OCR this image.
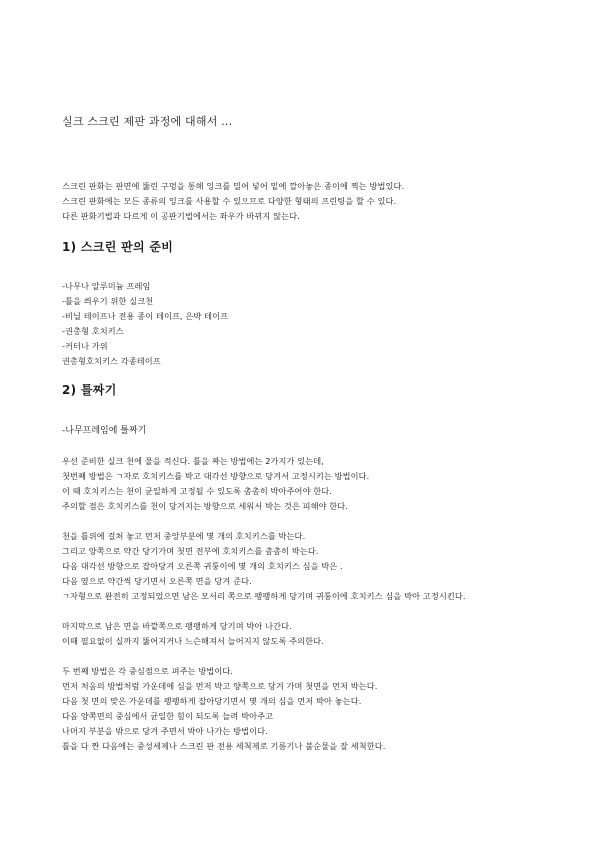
실크 스크린 제판 과정에 대해서 ...
스크린 판화는 판면에 뚫린 구멍을 통해 잉크를 밀어 넣어 밑에 깔아놓은 종이에 찍는 방법있다.
스크린 판화에는 모든 종류의 잉크를 사용할 수 있으므로 다양한 형태의 프린팅을 할 수 있다.
다른 판화기법과 다르게 이 공판기법에서는 좌우가 바뀌지 않는다.
1) 스크린 판의 준비
-나무나 알루미늄 프레임
-틀을 씌우기 위한 실크천
-비닐 테이프나 전용 종이 테이프, 은박 테이프
-권총형 호치키스
-커터나 가위
권총형호치키스 각종테이프
2) 틀짜기
-나무프레임에 틀짜기
우선 준비한 실크 천에 물을 적신다. 틀을 짜는 방법에는 2가지가 있는데,
첫번째 방법은 ㄱ자로 호치키스를 박고 대각선 방향으로 당겨서 고정시키는 방법이다.
이 때 호치키스는 천이 균일하게 고정될 수 있도록 촘촘히 박아주어야 한다.
주의할 점은 호치키스를 천이 당겨지는 방향으로 세워서 박는 것은 피해야 한다.
천을 틀위에 걸쳐 놓고 먼저 중앙부분에 몇 개의 호치키스를 박는다.
그리고 양쪽으로 약간 당기가며 첫면 전부에 호치키스를 촘촘히 박는다.
다음 대각선 방향으로 잡아당겨 오른쪽 귀퉁이에 몇 개의 호치키스 심을 박은 .
다음 옆으로 약간씩 당기면서 오른쪽 면을 당겨 준다.
ㄱ자형으로 완전히 고정되었으면 남은 모서리 쪽으로 팽팽하게 당기며 귀퉁이에 호치키스 심을 박아 고정시킨다.
마지막으로 남은 면을 바깥쪽으로 팽팽하게 당기며 박아 나간다.
이때 필요없이 실까지 뚫어지거나 느슨해져서 늘어지지 않도록 주의한다.
두 번째 방법은 각 중심점으로 펴주는 방법이다.
먼저 처음의 방법처럼 가운데에 심을 먼저 박고 양쪽으로 당겨 가며 첫면을 먼저 박는다.
다음 첫 면의 맞은 가운데를 팽팽하게 잡아당기면서 몇 개의 심을 먼저 박아 놓는다.
다음 양쪽면의 중심에서 균일한 힘이 되도록 늘려 박아주고
나머지 부분을 밖으로 당겨 주면서 박아 나가는 방법이다.
틀을 다 짠 다음에는 중성세제나 스크린 판 전용 세척제로 기름기나 불순물을 잘 세척한다.
